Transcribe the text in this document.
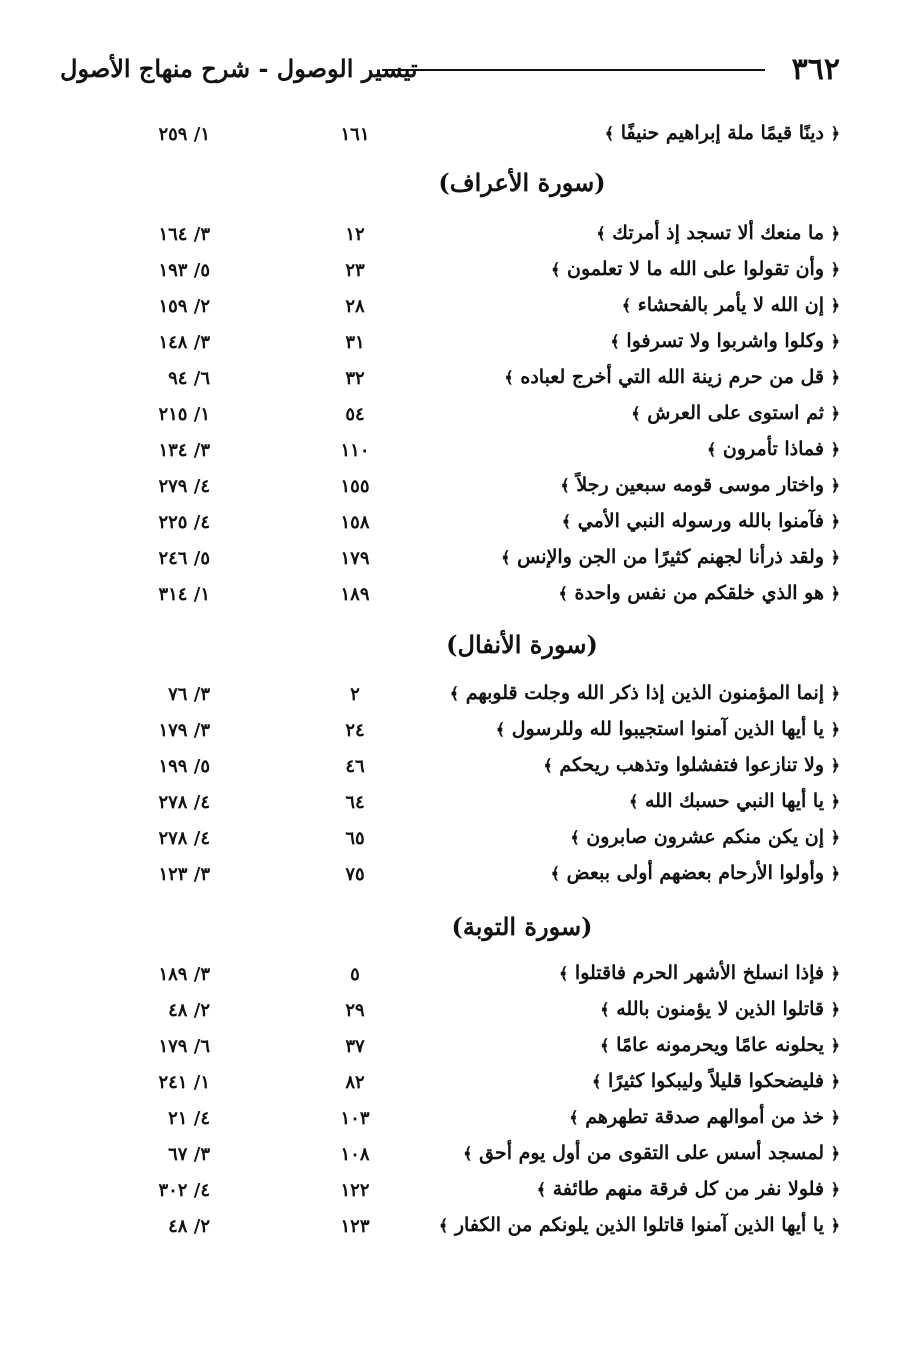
٣٦٢
تيسير الوصول - شرح منهاج الأصول
﴿ دينًا قيمًا ملة إبراهيم حنيفًا ﴾
١٦١
١/ ٢٥٩
(سورة الأعراف)
﴿ ما منعك ألا تسجد إذ أمرتك ﴾
١٢
٣/ ١٦٤
﴿ وأن تقولوا على الله ما لا تعلمون ﴾
٢٣
٥/ ١٩٣
﴿ إن الله لا يأمر بالفحشاء ﴾
٢٨
٢/ ١٥٩
﴿ وكلوا واشربوا ولا تسرفوا ﴾
٣١
٣/ ١٤٨
﴿ قل من حرم زينة الله التي أخرج لعباده ﴾
٣٢
٦/ ٩٤
﴿ ثم استوى على العرش ﴾
٥٤
١/ ٢١٥
﴿ فماذا تأمرون ﴾
١١٠
٣/ ١٣٤
﴿ واختار موسى قومه سبعين رجلاً ﴾
١٥٥
٤/ ٢٧٩
﴿ فآمنوا بالله ورسوله النبي الأمي ﴾
١٥٨
٤/ ٢٢٥
﴿ ولقد ذرأنا لجهنم كثيرًا من الجن والإنس ﴾
١٧٩
٥/ ٢٤٦
﴿ هو الذي خلقكم من نفس واحدة ﴾
١٨٩
١/ ٣١٤
(سورة الأنفال)
﴿ إنما المؤمنون الذين إذا ذكر الله وجلت قلوبهم ﴾
٢
٣/ ٧٦
﴿ يا أيها الذين آمنوا استجيبوا لله وللرسول ﴾
٢٤
٣/ ١٧٩
﴿ ولا تنازعوا فتفشلوا وتذهب ريحكم ﴾
٤٦
٥/ ١٩٩
﴿ يا أيها النبي حسبك الله ﴾
٦٤
٤/ ٢٧٨
﴿ إن يكن منكم عشرون صابرون ﴾
٦٥
٤/ ٢٧٨
﴿ وأولوا الأرحام بعضهم أولى ببعض ﴾
٧٥
٣/ ١٢٣
(سورة التوبة)
﴿ فإذا انسلخ الأشهر الحرم فاقتلوا ﴾
٥
٣/ ١٨٩
﴿ قاتلوا الذين لا يؤمنون بالله ﴾
٢٩
٢/ ٤٨
﴿ يحلونه عامًا ويحرمونه عامًا ﴾
٣٧
٦/ ١٧٩
﴿ فليضحكوا قليلاً وليبكوا كثيرًا ﴾
٨٢
١/ ٢٤١
﴿ خذ من أموالهم صدقة تطهرهم ﴾
١٠٣
٤/ ٢١
﴿ لمسجد أسس على التقوى من أول يوم أحق ﴾
١٠٨
٣/ ٦٧
﴿ فلولا نفر من كل فرقة منهم طائفة ﴾
١٢٢
٤/ ٣٠٢
﴿ يا أيها الذين آمنوا قاتلوا الذين يلونكم من الكفار ﴾
١٢٣
٢/ ٤٨
